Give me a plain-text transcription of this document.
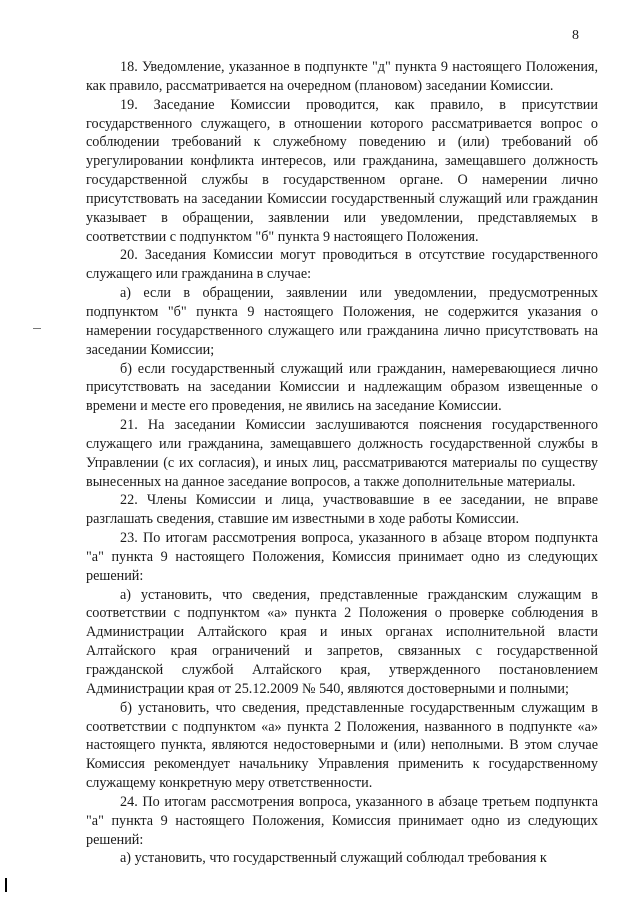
8

18. Уведомление, указанное в подпункте "д" пункта 9 настоящего Положения, как правило, рассматривается на очередном (плановом) заседании Комиссии.

19. Заседание Комиссии проводится, как правило, в присутствии государственного служащего, в отношении которого рассматривается вопрос о соблюдении требований к служебному поведению и (или) требований об урегулировании конфликта интересов, или гражданина, замещавшего должность государственной службы в государственном органе. О намерении лично присутствовать на заседании Комиссии государственный служащий или гражданин указывает в обращении, заявлении или уведомлении, представляемых в соответствии с подпунктом "б" пункта 9 настоящего Положения.

20. Заседания Комиссии могут проводиться в отсутствие государственного служащего или гражданина в случае:

а) если в обращении, заявлении или уведомлении, предусмотренных подпунктом "б" пункта 9 настоящего Положения, не содержится указания о намерении государственного служащего или гражданина лично присутствовать на заседании Комиссии;

б) если государственный служащий или гражданин, намеревающиеся лично присутствовать на заседании Комиссии и надлежащим образом извещенные о времени и месте его проведения, не явились на заседание Комиссии.

21. На заседании Комиссии заслушиваются пояснения государственного служащего или гражданина, замещавшего должность государственной службы в Управлении (с их согласия), и иных лиц, рассматриваются материалы по существу вынесенных на данное заседание вопросов, а также дополнительные материалы.

22. Члены Комиссии и лица, участвовавшие в ее заседании, не вправе разглашать сведения, ставшие им известными в ходе работы Комиссии.

23. По итогам рассмотрения вопроса, указанного в абзаце втором подпункта "а" пункта 9 настоящего Положения, Комиссия принимает одно из следующих решений:

а) установить, что сведения, представленные гражданским служащим в соответствии с подпунктом «а» пункта 2 Положения о проверке соблюдения в Администрации Алтайского края и иных органах исполнительной власти Алтайского края ограничений и запретов, связанных с государственной гражданской службой Алтайского края, утвержденного постановлением Администрации края от 25.12.2009 № 540, являются достоверными и полными;

б) установить, что сведения, представленные государственным служащим в соответствии с подпунктом «а» пункта 2 Положения, названного в подпункте «а» настоящего пункта, являются недостоверными и (или) неполными. В этом случае Комиссия рекомендует начальнику Управления применить к государственному служащему конкретную меру ответственности.

24. По итогам рассмотрения вопроса, указанного в абзаце третьем подпункта "а" пункта 9 настоящего Положения, Комиссия принимает одно из следующих решений:

а) установить, что государственный служащий соблюдал требования к
